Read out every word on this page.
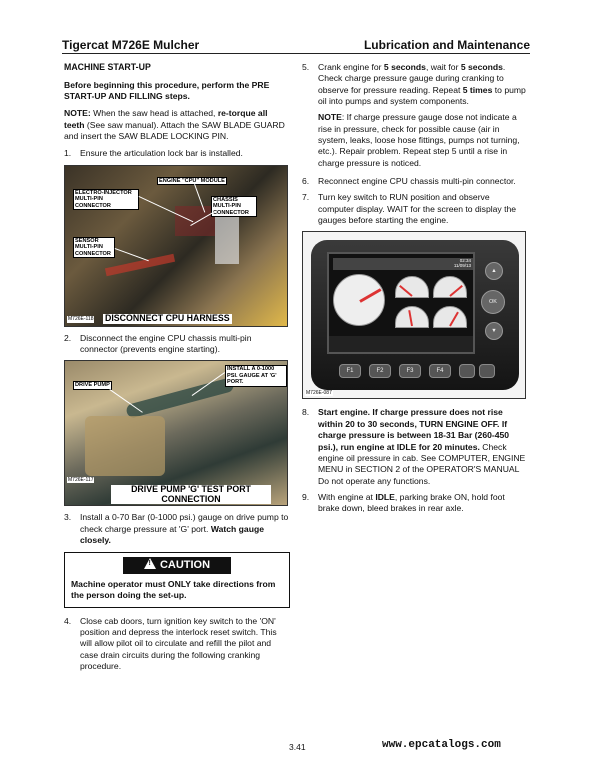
Tigercat M726E Mulcher	Lubrication and Maintenance
MACHINE START-UP
Before beginning this procedure, perform the PRE START-UP AND FILLING steps.
NOTE: When the saw head is attached, re-torque all teeth (See saw manual). Attach the SAW BLADE GUARD and insert the SAW BLADE LOCKING PIN.
1. Ensure the articulation lock bar is installed.
ENGINE "CPU" MODULE
ELECTRO-INJECTOR MULTI-PIN CONNECTOR
CHASSIS MULTI-PIN CONNECTOR
SENSOR MULTI-PIN CONNECTOR
M726E-118 DISCONNECT CPU HARNESS
2. Disconnect the engine CPU chassis multi-pin connector (prevents engine starting).
DRIVE PUMP
INSTALL A 0-1000 PSI. GAUGE AT 'G' PORT.
M726E-117
DRIVE PUMP 'G' TEST PORT CONNECTION
3. Install a 0-70 Bar (0-1000 psi.) gauge on drive pump to check charge pressure at 'G' port. Watch gauge closely.
! CAUTION
Machine operator must ONLY take directions from the person doing the set-up.
4. Close cab doors, turn ignition key switch to the 'ON' position and depress the interlock reset switch. This will allow pilot oil to circulate and refill the pilot and case drain circuits during the following cranking procedure.
5. Crank engine for 5 seconds, wait for 5 seconds. Check charge pressure gauge during cranking to observe for pressure reading. Repeat 5 times to pump oil into pumps and system components.
NOTE: If charge pressure gauge dose not indicate a rise in pressure, check for possible cause (air in system, leaks, loose hose fittings, pumps not turning, etc.). Repair problem. Repeat step 5 until a rise in charge pressure is noticed.
6. Reconnect engine CPU chassis multi-pin connector.
7. Turn key switch to RUN position and observe computer display. WAIT for the screen to display the gauges before starting the engine.
02:34
11/09/13
▲
OK
▼
F1	F2	F3	F4
M726E-087
8. Start engine. If charge pressure does not rise within 20 to 30 seconds, TURN ENGINE OFF. If charge pressure is between 18-31 Bar (260-450 psi.), run engine at IDLE for 20 minutes. Check engine oil pressure in cab. See COMPUTER, ENGINE MENU in SECTION 2 of the OPERATOR'S MANUAL Do not operate any functions.
9. With engine at IDLE, parking brake ON, hold foot brake down, bleed brakes in rear axle.
3.41	www.epcatalogs.com
